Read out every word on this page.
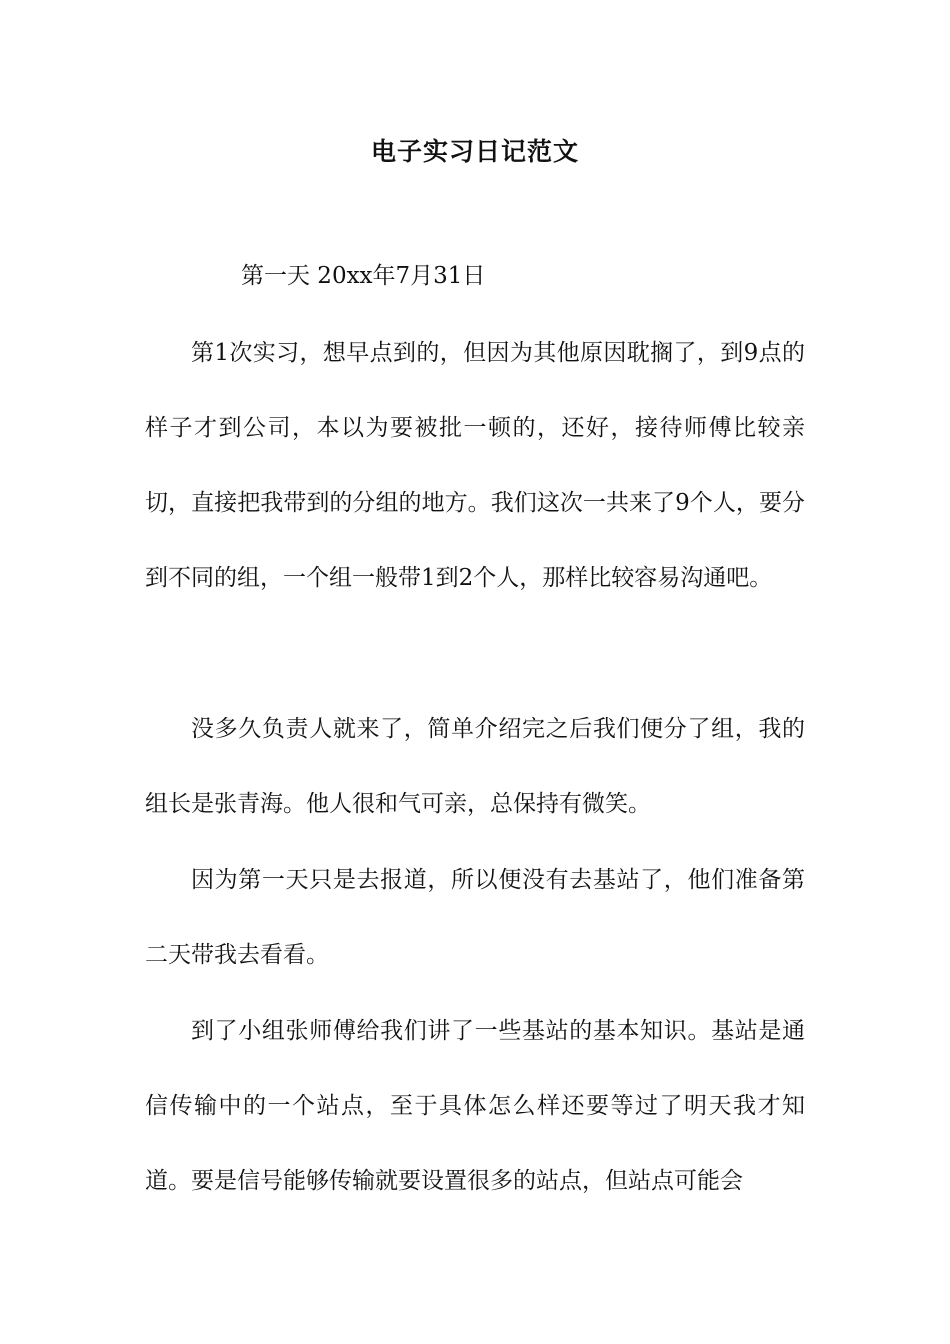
电子实习日记范文
第一天 20xx年7月31日

第1次实习，想早点到的，但因为其他原因耽搁了，到9点的样子才到公司，本以为要被批一顿的，还好，接待师傅比较亲切，直接把我带到的分组的地方。我们这次一共来了9个人，要分到不同的组，一个组一般带1到2个人，那样比较容易沟通吧。

没多久负责人就来了，简单介绍完之后我们便分了组，我的组长是张青海。他人很和气可亲，总保持有微笑。

因为第一天只是去报道，所以便没有去基站了，他们准备第二天带我去看看。

到了小组张师傅给我们讲了一些基站的基本知识。基站是通信传输中的一个站点，至于具体怎么样还要等过了明天我才知道。要是信号能够传输就要设置很多的站点，但站点可能会
